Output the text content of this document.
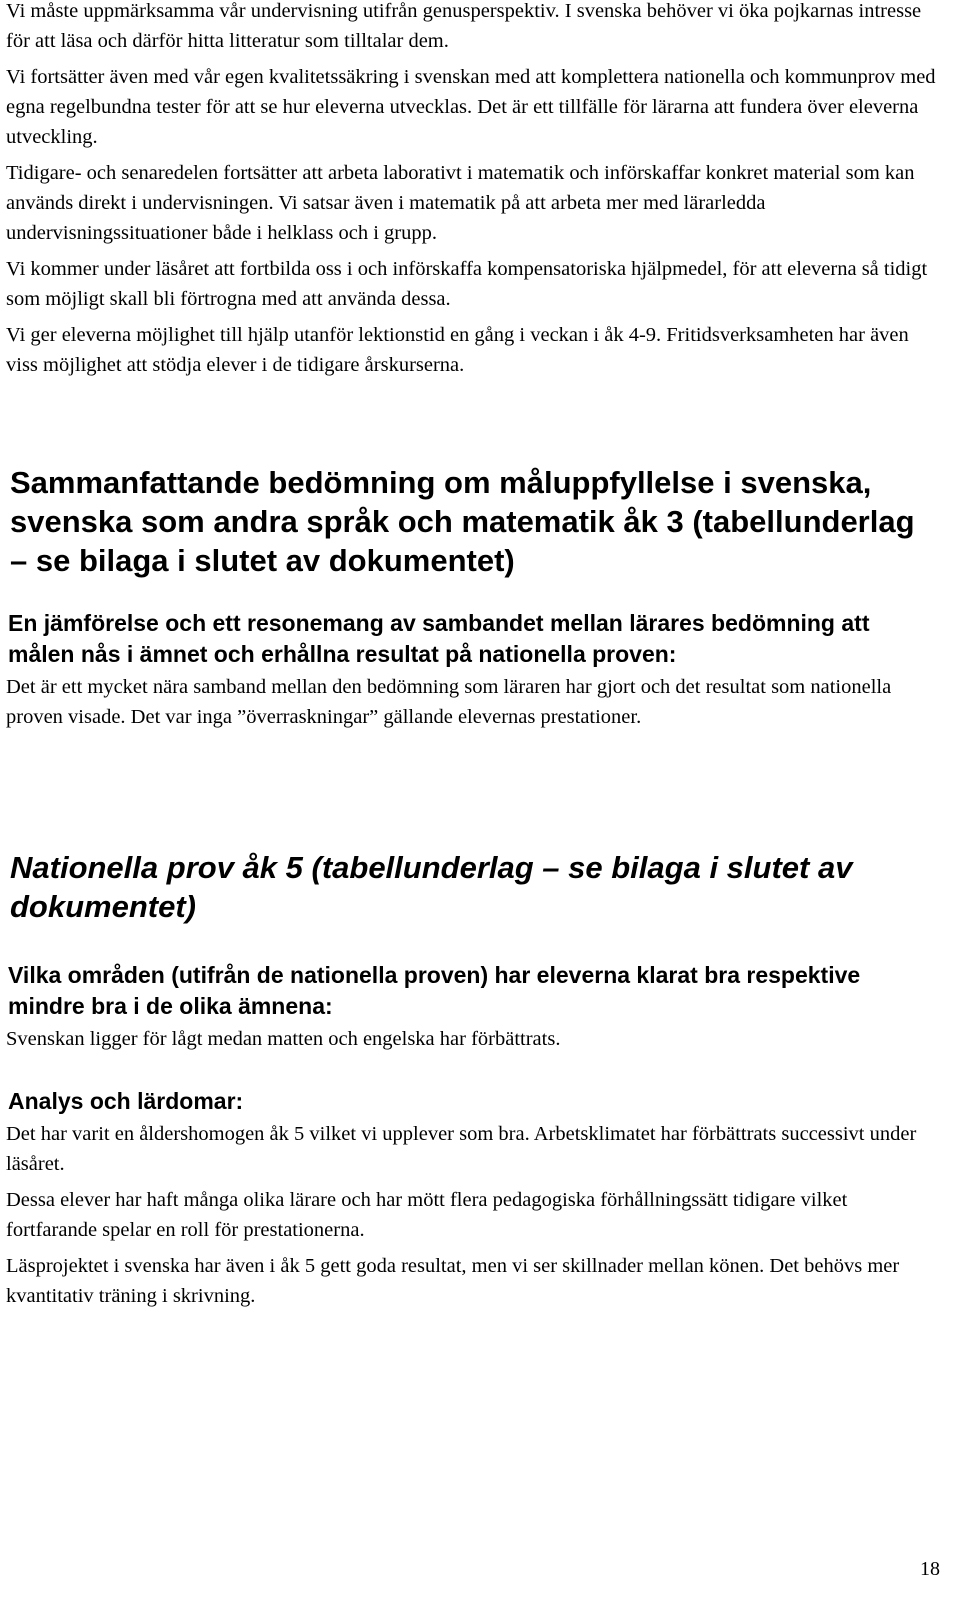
Vi måste uppmärksamma vår undervisning utifrån genusperspektiv. I svenska behöver vi öka pojkarnas intresse för att läsa och därför hitta litteratur som tilltalar dem.

Vi fortsätter även med vår egen kvalitetssäkring i svenskan med att komplettera nationella och kommunprov med egna regelbundna tester för att se hur eleverna utvecklas. Det är ett tillfälle för lärarna att fundera över eleverna utveckling.

Tidigare- och senaredelen fortsätter att arbeta laborativt i matematik och införskaffar konkret material som kan används direkt i undervisningen. Vi satsar även i matematik på att arbeta mer med lärarledda undervisningssituationer både i helklass och i grupp.

Vi kommer under läsåret att fortbilda oss i och införskaffa kompensatoriska hjälpmedel, för att eleverna så tidigt som möjligt skall bli förtrogna med att använda dessa.

Vi ger eleverna möjlighet till hjälp utanför lektionstid en gång i veckan i åk 4-9. Fritidsverksamheten har även viss möjlighet att stödja elever i de tidigare årskurserna.

Sammanfattande bedömning om måluppfyllelse i svenska, svenska som andra språk och matematik åk 3 (tabellunderlag – se bilaga i slutet av dokumentet)
En jämförelse och ett resonemang av sambandet mellan lärares bedömning att målen nås i ämnet och erhållna resultat på nationella proven:

Det är ett mycket nära samband mellan den bedömning som läraren har gjort och det resultat som nationella proven visade. Det var inga ”överraskningar” gällande elevernas prestationer.

Nationella prov åk 5 (tabellunderlag – se bilaga i slutet av dokumentet)
Vilka områden (utifrån de nationella proven) har eleverna klarat bra respektive mindre bra i de olika ämnena:

Svenskan ligger för lågt medan matten och engelska har förbättrats.

Analys och lärdomar:

Det har varit en åldershomogen åk 5 vilket vi upplever som bra. Arbetsklimatet har förbättrats successivt under läsåret.

Dessa elever har haft många olika lärare och har mött flera pedagogiska förhållningssätt tidigare vilket fortfarande spelar en roll för prestationerna.

Läsprojektet i svenska har även i åk 5 gett goda resultat, men vi ser skillnader mellan könen. Det behövs mer kvantitativ träning i skrivning.

18
